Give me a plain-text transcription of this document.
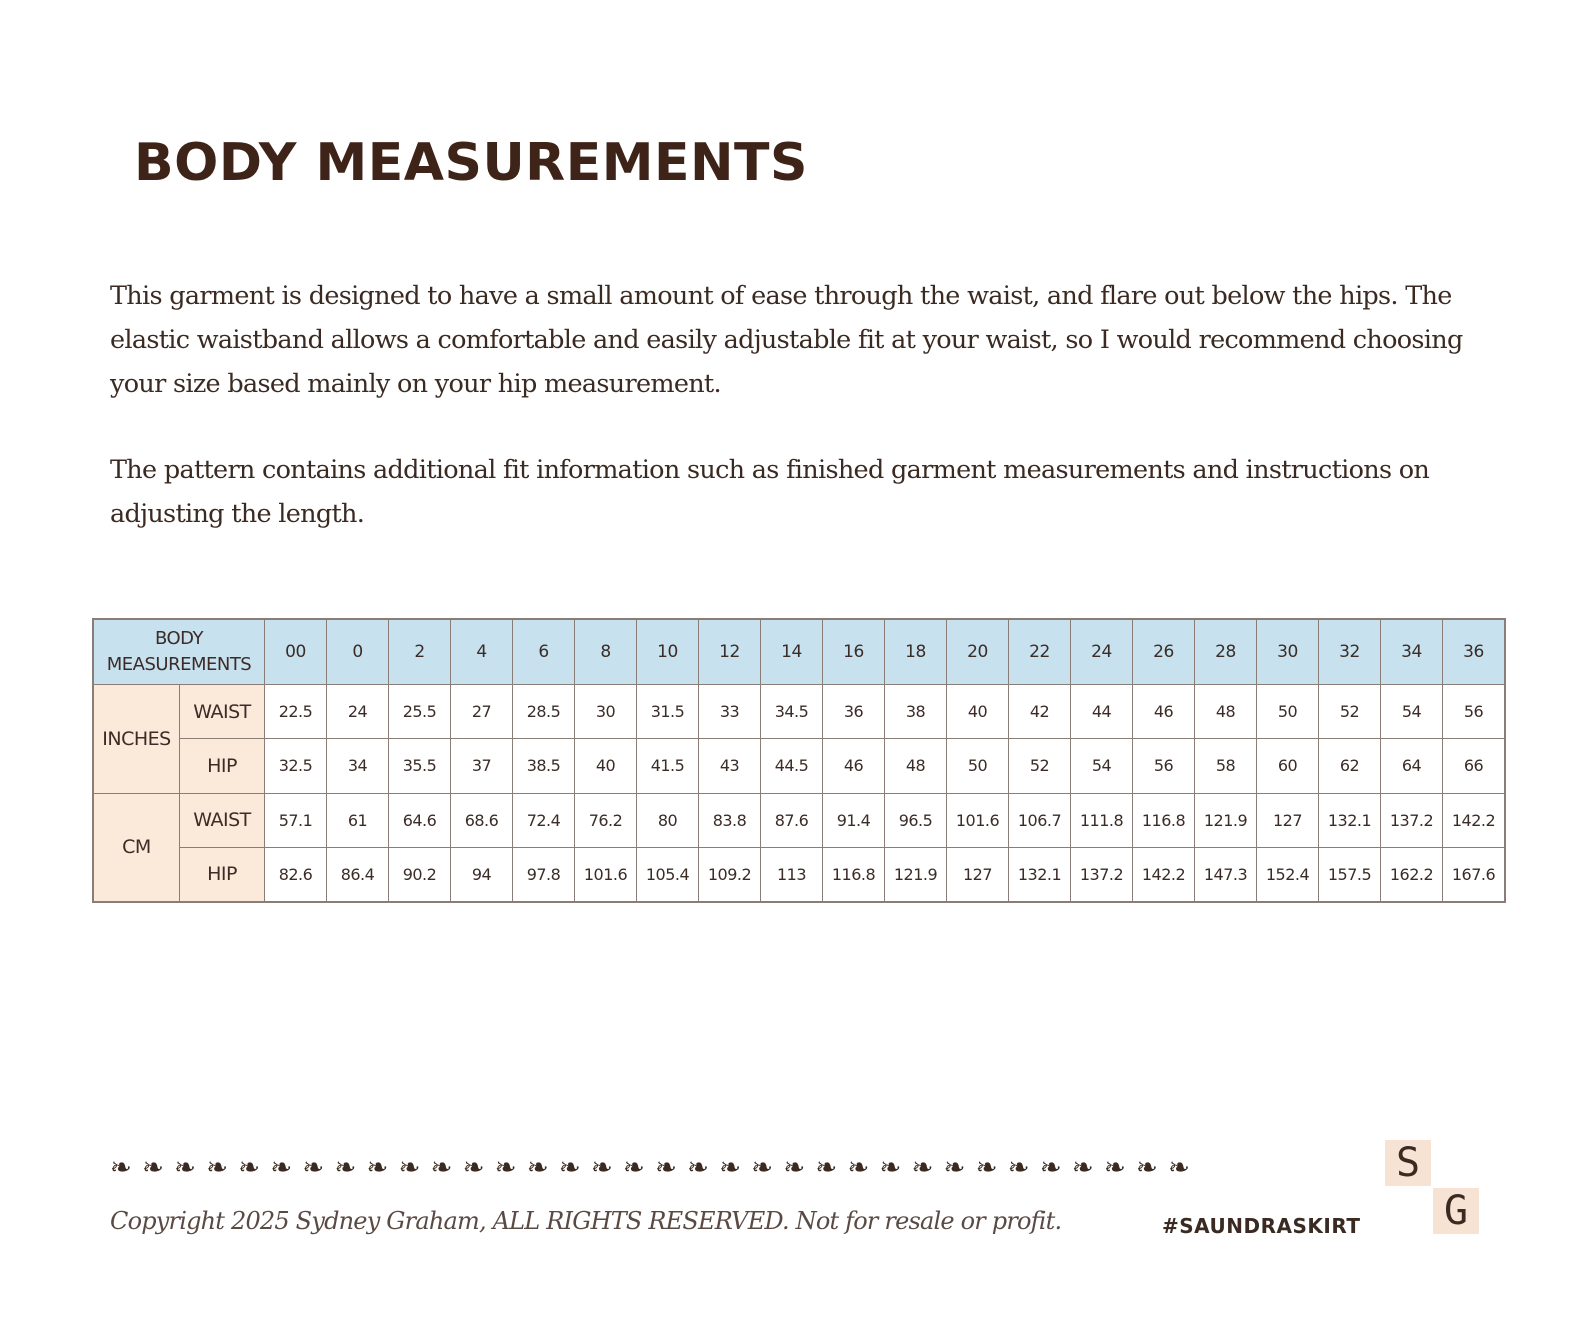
BODY MEASUREMENTS

This garment is designed to have a small amount of ease through the waist, and flare out below the hips. The elastic waistband allows a comfortable and easily adjustable fit at your waist, so I would recommend choosing your size based mainly on your hip measurement.

The pattern contains additional fit information such as finished garment measurements and instructions on adjusting the length.

BODY
MEASUREMENTS		00	0	2	4	6	8	10	12	14	16	18	20	22	24	26	28	30	32	34	36
INCHES	WAIST	22.5	24	25.5	27	28.5	30	31.5	33	34.5	36	38	40	42	44	46	48	50	52	54	56
	HIP	32.5	34	35.5	37	38.5	40	41.5	43	44.5	46	48	50	52	54	56	58	60	62	64	66
CM	WAIST	57.1	61	64.6	68.6	72.4	76.2	80	83.8	87.6	91.4	96.5	101.6	106.7	111.8	116.8	121.9	127	132.1	137.2	142.2
	HIP	82.6	86.4	90.2	94	97.8	101.6	105.4	109.2	113	116.8	121.9	127	132.1	137.2	142.2	147.3	152.4	157.5	162.2	167.6
❧ ❧ ❧ ❧ ❧ ❧ ❧ ❧ ❧ ❧ ❧ ❧ ❧ ❧ ❧ ❧ ❧ ❧ ❧ ❧ ❧ ❧ ❧ ❧ ❧ ❧ ❧ ❧ ❧ ❧ ❧ ❧ ❧ ❧
Copyright 2025 Sydney Graham, ALL RIGHTS RESERVED. Not for resale or profit.	#SAUNDRASKIRT
S
G
